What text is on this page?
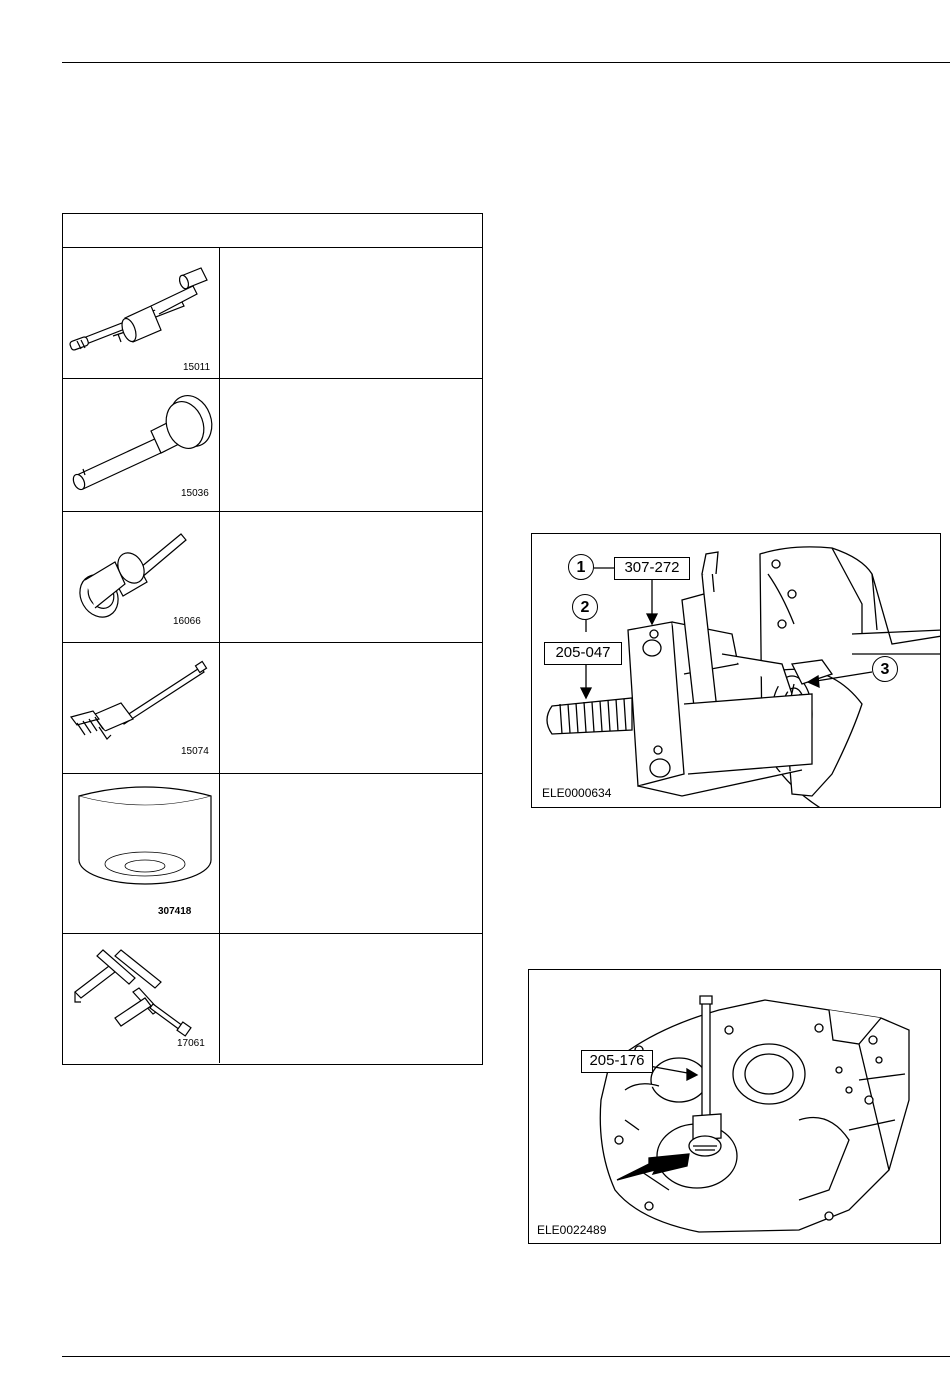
15011
15036
16066
15074
307418
17061
1	307-272
2
205-047
3
ELE0000634
205-176
ELE0022489
